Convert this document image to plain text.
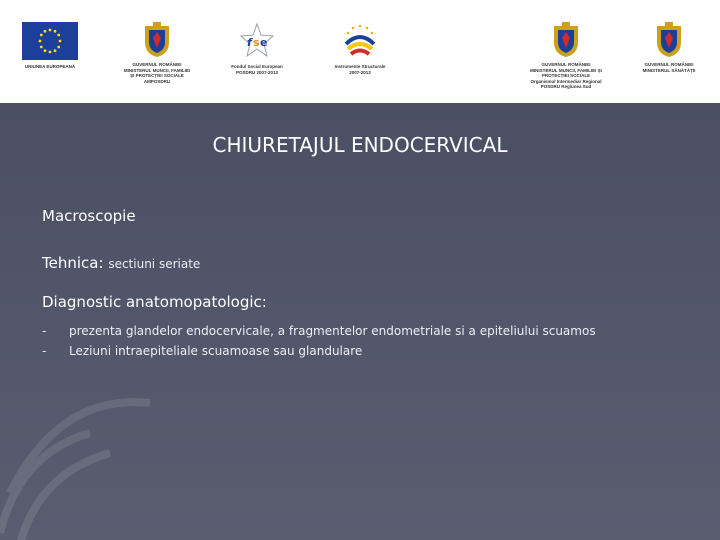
UNIUNEA EUROPEANĂ	GUVERNUL ROMÂNIEI
MINISTERUL MUNCII, FAMILIEI
ȘI PROTECȚIEI SOCIALE
AMPOSDRU
f s e
Fondul Social European
POSDRU 2007-2013
Instrumente Structurale
2007-2013
GUVERNUL ROMÂNIEI
MINISTERUL MUNCII, FAMILIEI ȘI
PROTECȚIEI SOCIALE
Organismul Intermediar Regional
POSDRU Regiunea Sud
GUVERNUL ROMÂNIEI
MINISTERUL SĂNĂTĂȚII
CHIURETAJUL ENDOCERVICAL
Macroscopie
Tehnica: sectiuni seriate
Diagnostic anatomopatologic:
-	prezenta glandelor endocervicale, a fragmentelor endometriale si a epiteliului scuamos
-	Leziuni intraepiteliale scuamoase sau glandulare
